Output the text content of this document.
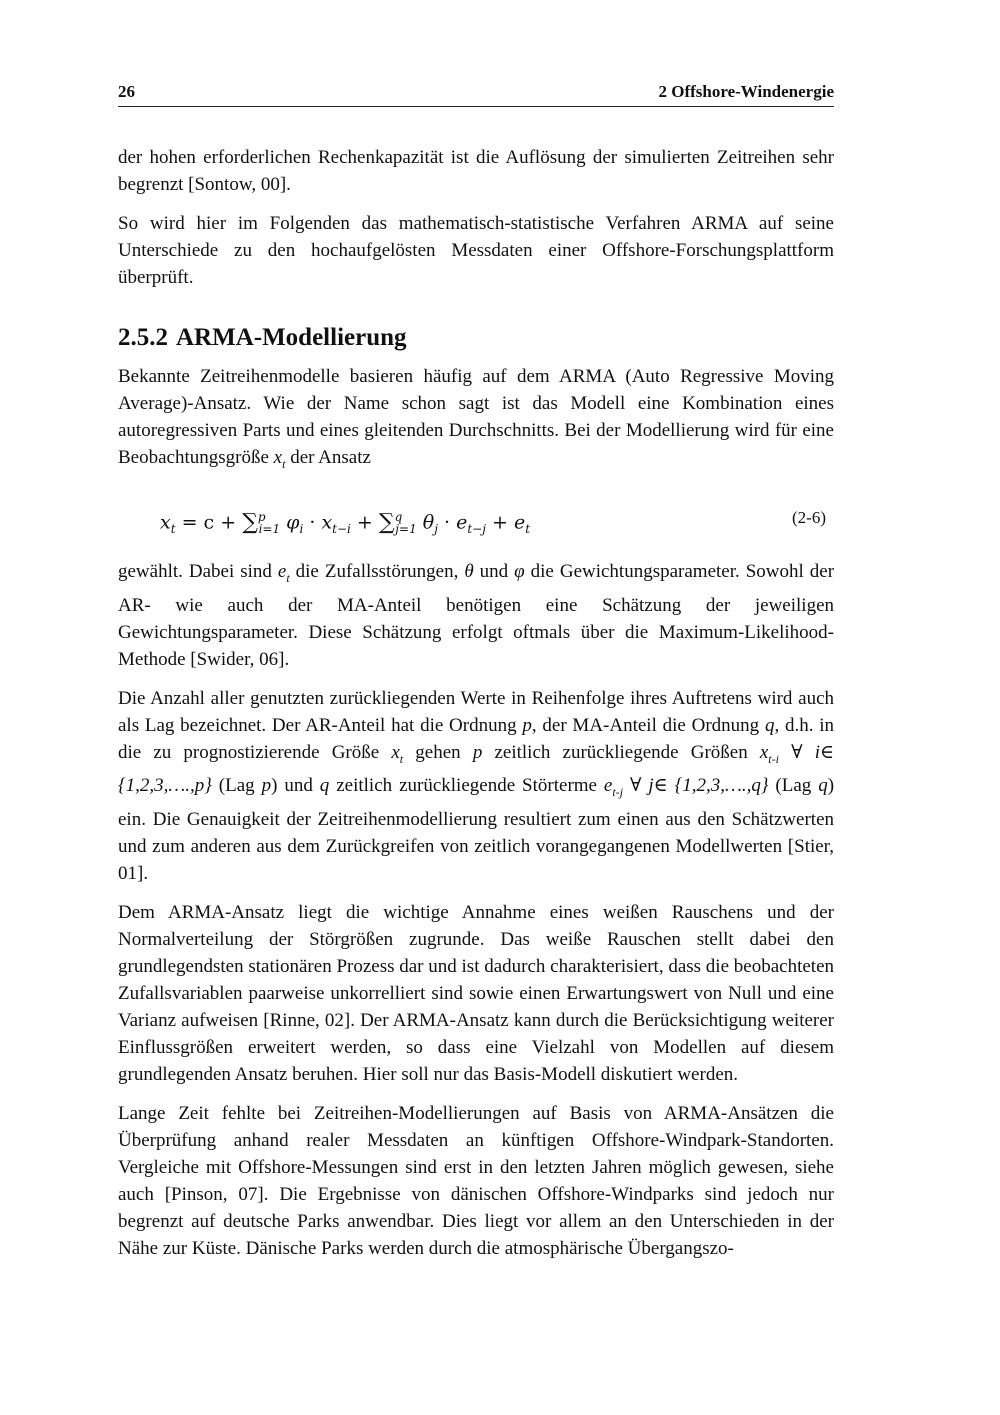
26	2 Offshore-Windenergie

der hohen erforderlichen Rechenkapazität ist die Auflösung der simulierten Zeitreihen sehr begrenzt [Sontow, 00].

So wird hier im Folgenden das mathematisch-statistische Verfahren ARMA auf seine Unterschiede zu den hochaufgelösten Messdaten einer Offshore-Forschungsplattform überprüft.

2.5.2 ARMA-Modellierung

Bekannte Zeitreihenmodelle basieren häufig auf dem ARMA (Auto Regressive Moving Average)-Ansatz. Wie der Name schon sagt ist das Modell eine Kombination eines autoregressiven Parts und eines gleitenden Durchschnitts. Bei der Modellierung wird für eine Beobachtungsgröße $x_t$ der Ansatz

$x_t = c + \sum^p_{i=1}$ $\varphi_i \cdot x_{t-i} + \sum^q_{j=1}$ $\theta_j \cdot e_{t-j} + e_t$
(2-6)

gewählt. Dabei sind $e_t$ die Zufallsstörungen, θ und φ die Gewichtungsparameter. Sowohl der AR- wie auch der MA-Anteil benötigen eine Schätzung der jeweiligen Gewichtungsparameter. Diese Schätzung erfolgt oftmals über die Maximum-Likelihood-Methode [Swider, 06].

Die Anzahl aller genutzten zurückliegenden Werte in Reihenfolge ihres Auftretens wird auch als Lag bezeichnet. Der AR-Anteil hat die Ordnung p, der MA-Anteil die Ordnung q, d.h. in die zu prognostizierende Größe $x_t$ gehen p zeitlich zurückliegende Größen $x_{t-i}$ ∀ i∈ {1,2,3,….,p} (Lag p) und q zeitlich zurückliegende Störterme $e_{t-j}$ ∀ j∈ {1,2,3,….,q} (Lag q) ein. Die Genauigkeit der Zeitreihenmodellierung resultiert zum einen aus den Schätzwerten und zum anderen aus dem Zurückgreifen von zeitlich vorangegangenen Modellwerten [Stier, 01].

Dem ARMA-Ansatz liegt die wichtige Annahme eines weißen Rauschens und der Normalverteilung der Störgrößen zugrunde. Das weiße Rauschen stellt dabei den grundlegendsten stationären Prozess dar und ist dadurch charakterisiert, dass die beobachteten Zufallsvariablen paarweise unkorrelliert sind sowie einen Erwartungswert von Null und eine Varianz aufweisen [Rinne, 02]. Der ARMA-Ansatz kann durch die Berücksichtigung weiterer Einflussgrößen erweitert werden, so dass eine Vielzahl von Modellen auf diesem grundlegenden Ansatz beruhen. Hier soll nur das Basis-Modell diskutiert werden.

Lange Zeit fehlte bei Zeitreihen-Modellierungen auf Basis von ARMA-Ansätzen die Überprüfung anhand realer Messdaten an künftigen Offshore-Windpark-Standorten. Vergleiche mit Offshore-Messungen sind erst in den letzten Jahren möglich gewesen, siehe auch [Pinson, 07]. Die Ergebnisse von dänischen Offshore-Windparks sind jedoch nur begrenzt auf deutsche Parks anwendbar. Dies liegt vor allem an den Unterschieden in der Nähe zur Küste. Dänische Parks werden durch die atmosphärische Übergangszo-
